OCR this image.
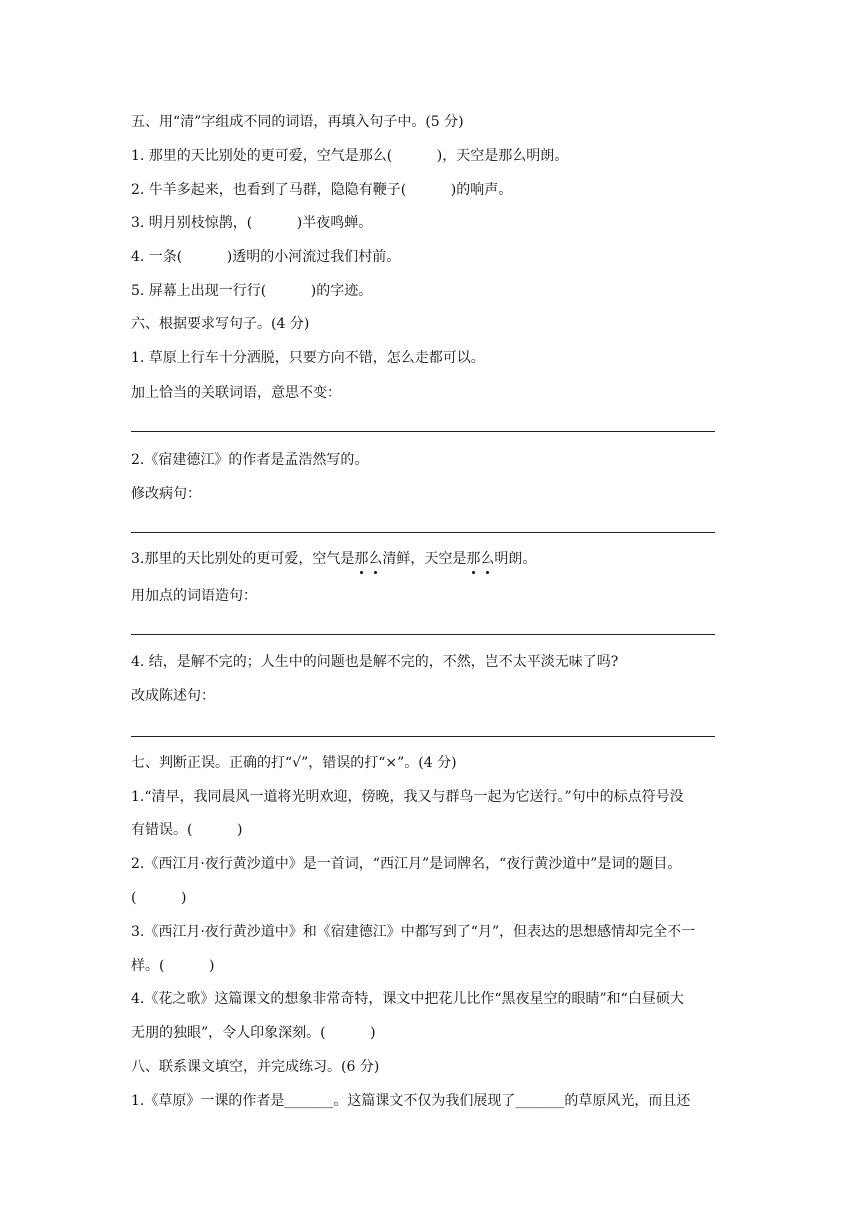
五、用“清”字组成不同的词语，再填入句子中。(5 分)
1. 那里的天比别处的更可爱，空气是那么(          )，天空是那么明朗。
2. 牛羊多起来，也看到了马群，隐隐有鞭子(          )的响声。
3. 明月别枝惊鹊，(          )半夜鸣蝉。
4. 一条(          )透明的小河流过我们村前。
5. 屏幕上出现一行行(          )的字迹。
六、根据要求写句子。(4 分)
1. 草原上行车十分洒脱，只要方向不错，怎么走都可以。
加上恰当的关联词语，意思不变：
2.《宿建德江》的作者是孟浩然写的。
修改病句：
3.那里的天比别处的更可爱，空气是那么清鲜，天空是那么明朗。
用加点的词语造句：
4. 结，是解不完的；人生中的问题也是解不完的，不然，岂不太平淡无味了吗?
改成陈述句：
七、判断正误。正确的打“√”，错误的打“×”。(4 分)
1.“清早，我同晨风一道将光明欢迎，傍晚，我又与群鸟一起为它送行。”句中的标点符号没
有错误。(          )
2.《西江月·夜行黄沙道中》是一首词，“西江月”是词牌名，“夜行黄沙道中”是词的题目。
(          )
3.《西江月·夜行黄沙道中》和《宿建德江》中都写到了“月”，但表达的思想感情却完全不一
样。(          )
4.《花之歌》这篇课文的想象非常奇特，课文中把花儿比作“黑夜星空的眼睛”和“白昼硕大
无朋的独眼”，令人印象深刻。(          )
八、联系课文填空，并完成练习。(6 分)
1.《草原》一课的作者是_______。这篇课文不仅为我们展现了_______的草原风光，而且还
